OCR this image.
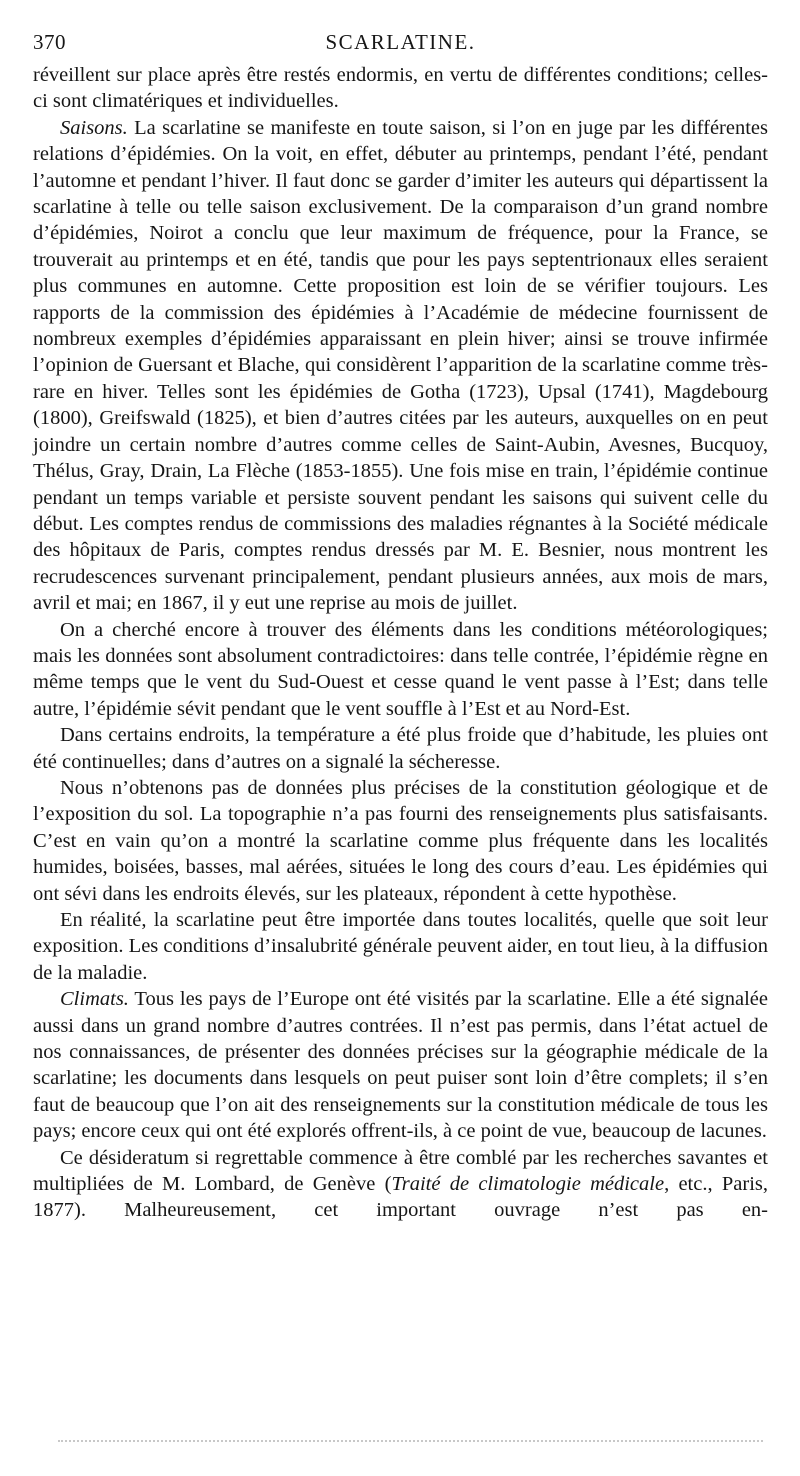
370	SCARLATINE.

réveillent sur place après être restés endormis, en vertu de différentes conditions; celles-ci sont climatériques et individuelles.

Saisons. La scarlatine se manifeste en toute saison, si l’on en juge par les différentes relations d’épidémies. On la voit, en effet, débuter au printemps, pendant l’été, pendant l’automne et pendant l’hiver. Il faut donc se garder d’imiter les auteurs qui départissent la scarlatine à telle ou telle saison exclusivement. De la comparaison d’un grand nombre d’épidémies, Noirot a conclu que leur maximum de fréquence, pour la France, se trouverait au printemps et en été, tandis que pour les pays septentrionaux elles seraient plus communes en automne. Cette proposition est loin de se vérifier toujours. Les rapports de la commission des épidémies à l’Académie de médecine fournissent de nombreux exemples d’épidémies apparaissant en plein hiver; ainsi se trouve infirmée l’opinion de Guersant et Blache, qui considèrent l’apparition de la scarlatine comme très-rare en hiver. Telles sont les épidémies de Gotha (1723), Upsal (1741), Magdebourg (1800), Greifswald (1825), et bien d’autres citées par les auteurs, auxquelles on en peut joindre un certain nombre d’autres comme celles de Saint-Aubin, Avesnes, Bucquoy, Thélus, Gray, Drain, La Flèche (1853-1855). Une fois mise en train, l’épidémie continue pendant un temps variable et persiste souvent pendant les saisons qui suivent celle du début. Les comptes rendus de commissions des maladies régnantes à la Société médicale des hôpitaux de Paris, comptes rendus dressés par M. E. Besnier, nous montrent les recrudescences survenant principalement, pendant plusieurs années, aux mois de mars, avril et mai; en 1867, il y eut une reprise au mois de juillet.

On a cherché encore à trouver des éléments dans les conditions météorologiques; mais les données sont absolument contradictoires: dans telle contrée, l’épidémie règne en même temps que le vent du Sud-Ouest et cesse quand le vent passe à l’Est; dans telle autre, l’épidémie sévit pendant que le vent souffle à l’Est et au Nord-Est.

Dans certains endroits, la température a été plus froide que d’habitude, les pluies ont été continuelles; dans d’autres on a signalé la sécheresse.

Nous n’obtenons pas de données plus précises de la constitution géologique et de l’exposition du sol. La topographie n’a pas fourni des renseignements plus satisfaisants. C’est en vain qu’on a montré la scarlatine comme plus fréquente dans les localités humides, boisées, basses, mal aérées, situées le long des cours d’eau. Les épidémies qui ont sévi dans les endroits élevés, sur les plateaux, répondent à cette hypothèse.

En réalité, la scarlatine peut être importée dans toutes localités, quelle que soit leur exposition. Les conditions d’insalubrité générale peuvent aider, en tout lieu, à la diffusion de la maladie.

Climats. Tous les pays de l’Europe ont été visités par la scarlatine. Elle a été signalée aussi dans un grand nombre d’autres contrées. Il n’est pas permis, dans l’état actuel de nos connaissances, de présenter des données précises sur la géographie médicale de la scarlatine; les documents dans lesquels on peut puiser sont loin d’être complets; il s’en faut de beaucoup que l’on ait des renseignements sur la constitution médicale de tous les pays; encore ceux qui ont été explorés offrent-ils, à ce point de vue, beaucoup de lacunes.

Ce désideratum si regrettable commence à être comblé par les recherches savantes et multipliées de M. Lombard, de Genève (Traité de climatologie médicale, etc., Paris, 1877). Malheureusement, cet important ouvrage n’est pas en-
